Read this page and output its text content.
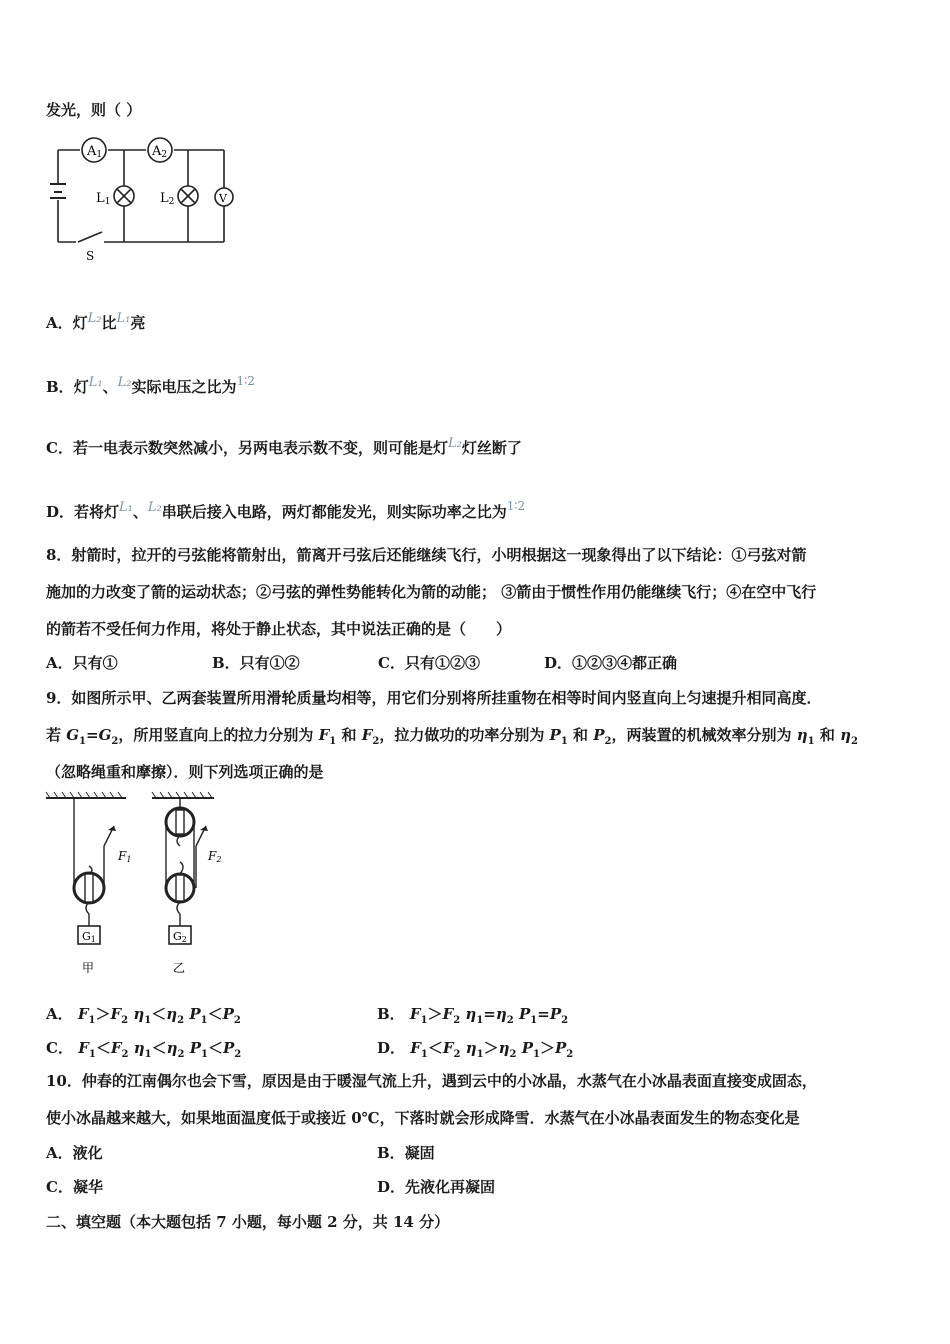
发光，则（ ）
A1	A2
L1	L2	V
S
A．灯L₂比L₁亮
B．灯L₁、L₂实际电压之比为$^{1∶2}$
C．若一电表示数突然减小，另两电表示数不变，则可能是灯L₂灯丝断了
D．若将灯L₁、L₂串联后接入电路，两灯都能发光，则实际功率之比为$^{1∶2}$
8．射箭时，拉开的弓弦能将箭射出，箭离开弓弦后还能继续飞行，小明根据这一现象得出了以下结论：①弓弦对箭
施加的力改变了箭的运动状态；②弓弦的弹性势能转化为箭的动能； ③箭由于惯性作用仍能继续飞行；④在空中飞行
的箭若不受任何力作用，将处于静止状态，其中说法正确的是（　　）
A．只有①	B．只有①②	C．只有①②③	D．①②③④都正确
9．如图所示甲、乙两套装置所用滑轮质量均相等，用它们分别将所挂重物在相等时间内竖直向上匀速提升相同高度．
若 $G_1=G_2$，所用竖直向上的拉力分别为 $F_1$ 和 $F_2$，拉力做功的功率分别为 $P_1$ 和 $P_2$，两装置的机械效率分别为 $\eta_1$ 和 $\eta_2$
（忽略绳重和摩擦）．则下列选项正确的是
F1	F2
G1	G2
甲	乙
A． $F_1>F_2$ $\eta_1<\eta_2$ $P_1<P_2$	B． $F_1>F_2$ $\eta_1=\eta_2$ $P_1=P_2$
C． $F_1<F_2$ $\eta_1<\eta_2$ $P_1<P_2$	D． $F_1<F_2$ $\eta_1>\eta_2$ $P_1>P_2$
10．仲春的江南偶尔也会下雪，原因是由于暖湿气流上升，遇到云中的小冰晶，水蒸气在小冰晶表面直接变成固态，
使小冰晶越来越大，如果地面温度低于或接近 0℃，下落时就会形成降雪．水蒸气在小冰晶表面发生的物态变化是
A．液化	B．凝固
C．凝华	D．先液化再凝固
二、填空题（本大题包括 7 小题，每小题 2 分，共 14 分）
